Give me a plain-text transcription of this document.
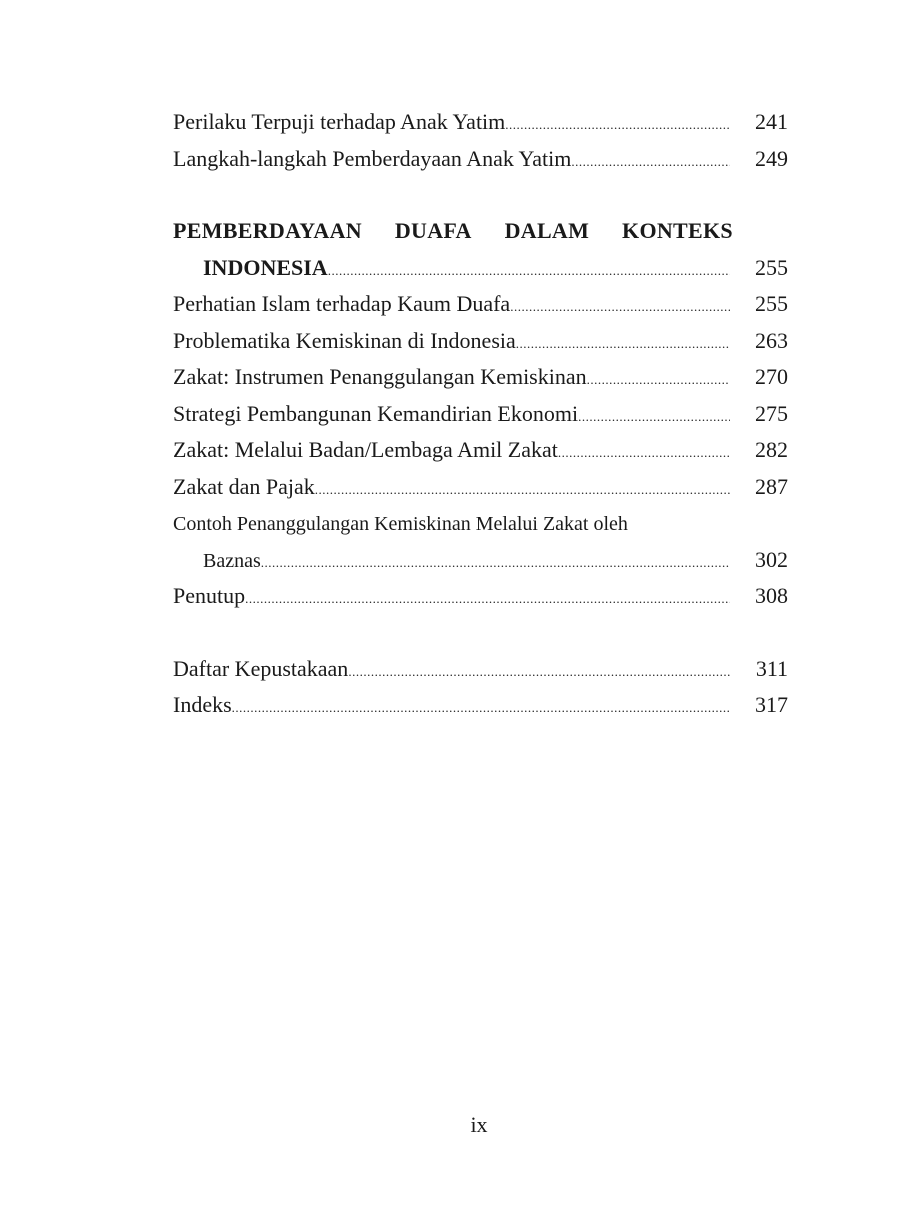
Perilaku Terpuji terhadap Anak Yatim .....	241
Langkah-langkah Pemberdayaan Anak Yatim .....	249
PEMBERDAYAAN DUAFA DALAM KONTEKS
INDONESIA .....	255
Perhatian Islam terhadap Kaum Duafa .....	255
Problematika Kemiskinan di Indonesia .....	263
Zakat: Instrumen Penanggulangan Kemiskinan .....	270
Strategi Pembangunan Kemandirian Ekonomi .....	275
Zakat: Melalui Badan/Lembaga Amil Zakat .....	282
Zakat dan Pajak .....	287
Contoh Penanggulangan Kemiskinan Melalui Zakat oleh
Baznas .....	302
Penutup .....	308
Daftar Kepustakaan .....	311
Indeks .....	317
ix
